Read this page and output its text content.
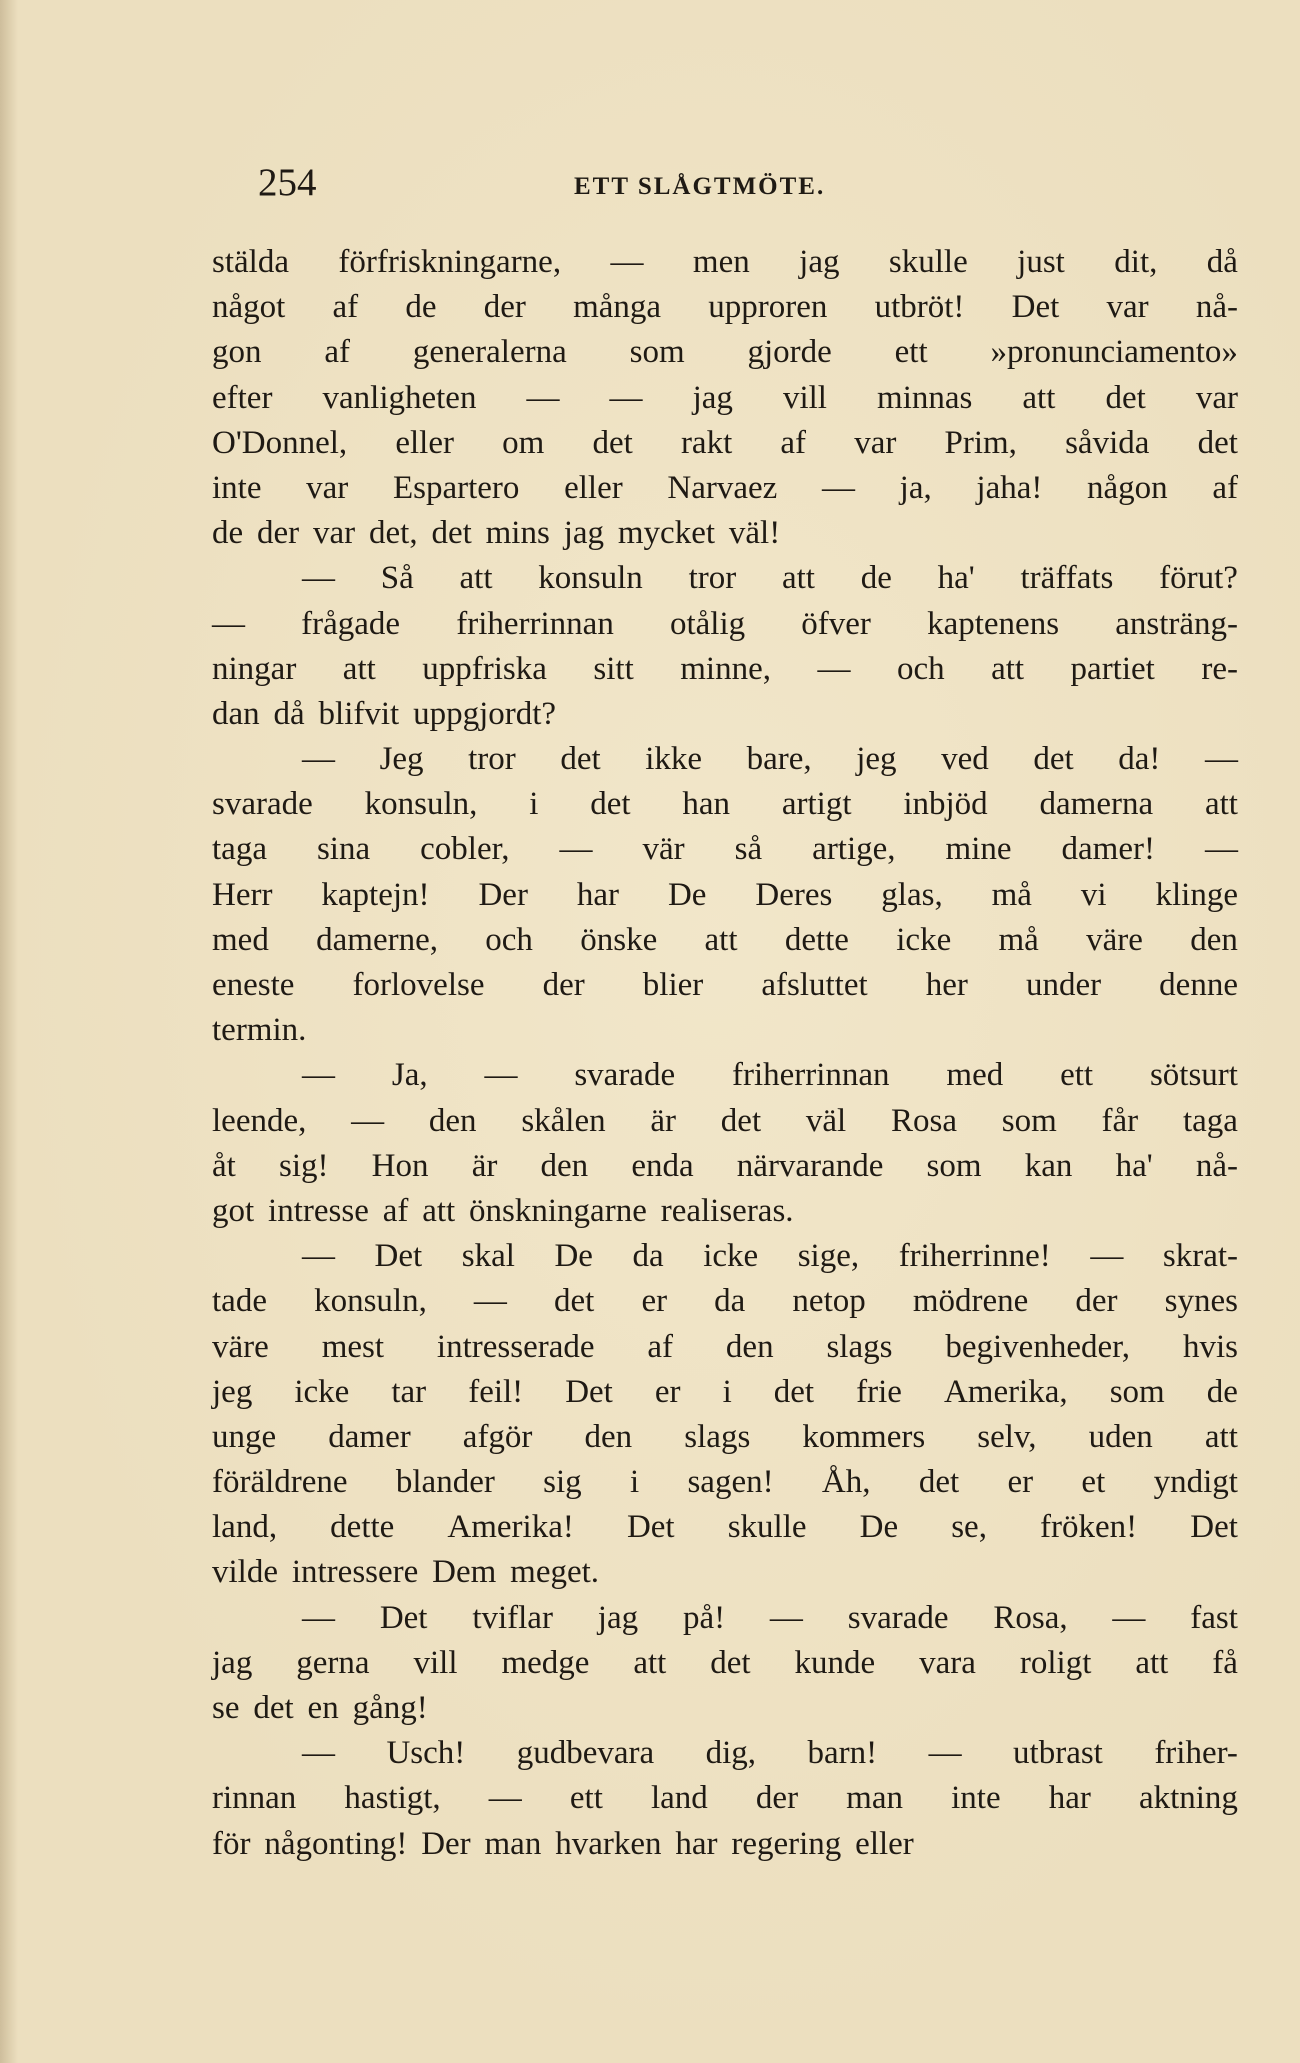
254	ETT SLÅGTMÖTE.
stälda förfriskningarne, — men jag skulle just dit, då
något af de der många upproren utbröt! Det var nå-
gon af generalerna som gjorde ett »pronunciamento»
efter vanligheten — — jag vill minnas att det var
O'Donnel, eller om det rakt af var Prim, såvida det
inte var Espartero eller Narvaez — ja, jaha! någon af
de der var det, det mins jag mycket väl!
— Så att konsuln tror att de ha' träffats förut?
— frågade friherrinnan otålig öfver kaptenens ansträng-
ningar att uppfriska sitt minne, — och att partiet re-
dan då blifvit uppgjordt?
— Jeg tror det ikke bare, jeg ved det da! —
svarade konsuln, i det han artigt inbjöd damerna att
taga sina cobler, — vär så artige, mine damer! —
Herr kaptejn! Der har De Deres glas, må vi klinge
med damerne, och önske att dette icke må väre den
eneste forlovelse der blier afsluttet her under denne
termin.
— Ja, — svarade friherrinnan med ett sötsurt
leende, — den skålen är det väl Rosa som får taga
åt sig! Hon är den enda närvarande som kan ha' nå-
got intresse af att önskningarne realiseras.
— Det skal De da icke sige, friherrinne! — skrat-
tade konsuln, — det er da netop mödrene der synes
väre mest intresserade af den slags begivenheder, hvis
jeg icke tar feil! Det er i det frie Amerika, som de
unge damer afgör den slags kommers selv, uden att
föräldrene blander sig i sagen! Åh, det er et yndigt
land, dette Amerika! Det skulle De se, fröken! Det
vilde intressere Dem meget.
— Det tviflar jag på! — svarade Rosa, — fast
jag gerna vill medge att det kunde vara roligt att få
se det en gång!
— Usch! gudbevara dig, barn! — utbrast friher-
rinnan hastigt, — ett land der man inte har aktning
för någonting! Der man hvarken har regering eller
